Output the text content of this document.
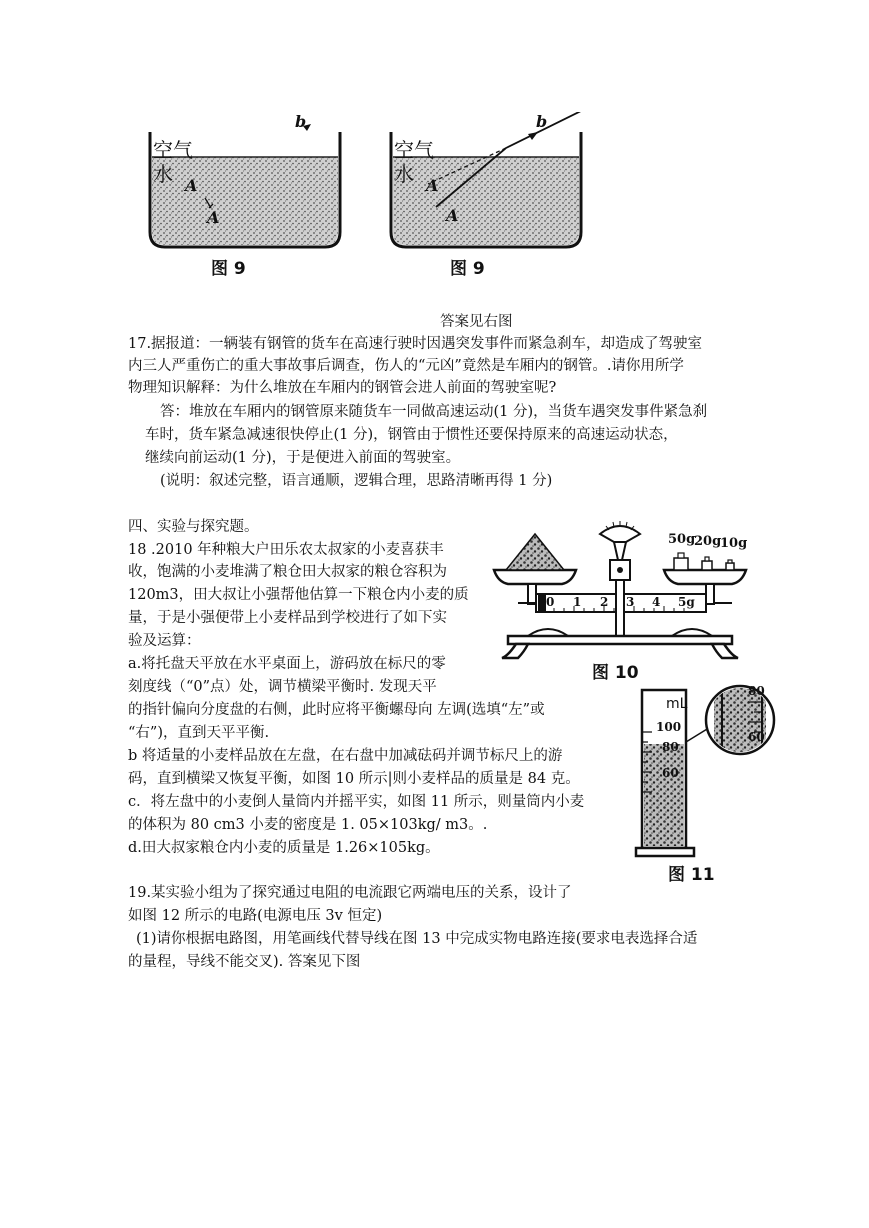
空气
水 A
A
b
图 9
空气
水 A
A
b
图 9
答案见右图
17.据报道：一辆装有钢管的货车在高速行驶时因遇突发事件而紧急刹车，却造成了驾驶室
内三人严重伤亡的重大事故事后调查，伤人的“元凶”竟然是车厢内的钢管。.请你用所学
物理知识解释：为什么堆放在车厢内的钢管会进人前面的驾驶室呢?
答：堆放在车厢内的钢管原来随货车一同做高速运动(1 分)，当货车遇突发事件紧急刹
车时，货车紧急减速很快停止(1 分)，钢管由于惯性还要保持原来的高速运动状态，
继续向前运动(1 分)，于是便进入前面的驾驶室。
(说明：叙述完整，语言通顺，逻辑合理，思路清晰再得 1 分)
四、实验与探究题。
18 .2010 年种粮大户田乐农太叔家的小麦喜获丰
收，饱满的小麦堆满了粮仓田大叔家的粮仓容积为
120m3，田大叔让小强帮他估算一下粮仓内小麦的质
量，于是小强便带上小麦样品到学校进行了如下实
验及运算：
a.将托盘天平放在水平桌面上，游码放在标尺的零
刻度线（“0”点）处，调节横梁平衡时. 发现天平
的指针偏向分度盘的右侧，此时应将平衡螺母向 左调(选填“左”或
“右”)，直到天平平衡.
b 将适量的小麦样品放在左盘，在右盘中加减砝码并调节标尺上的游
码，直到横梁又恢复平衡，如图 10 所示|则小麦样品的质量是 84 克。
c．将左盘中的小麦倒人量筒内并摇平实，如图 11 所示，则量筒内小麦
的体积为 80 cm3 小麦的密度是 1. 05×103kg/ m3。.
d.田大叔家粮仓内小麦的质量是 1.26×105kg。
50g
20g
10g
0 1 2 3 4 5g
图 10
mL
100
80
60
80
60
图 11
19.某实验小组为了探究通过电阻的电流跟它两端电压的关系，设计了
如图 12 所示的电路(电源电压 3v 恒定)
(1)请你根据电路图，用笔画线代替导线在图 13 中完成实物电路连接(要求电表选择合适
的量程，导线不能交叉). 答案见下图
